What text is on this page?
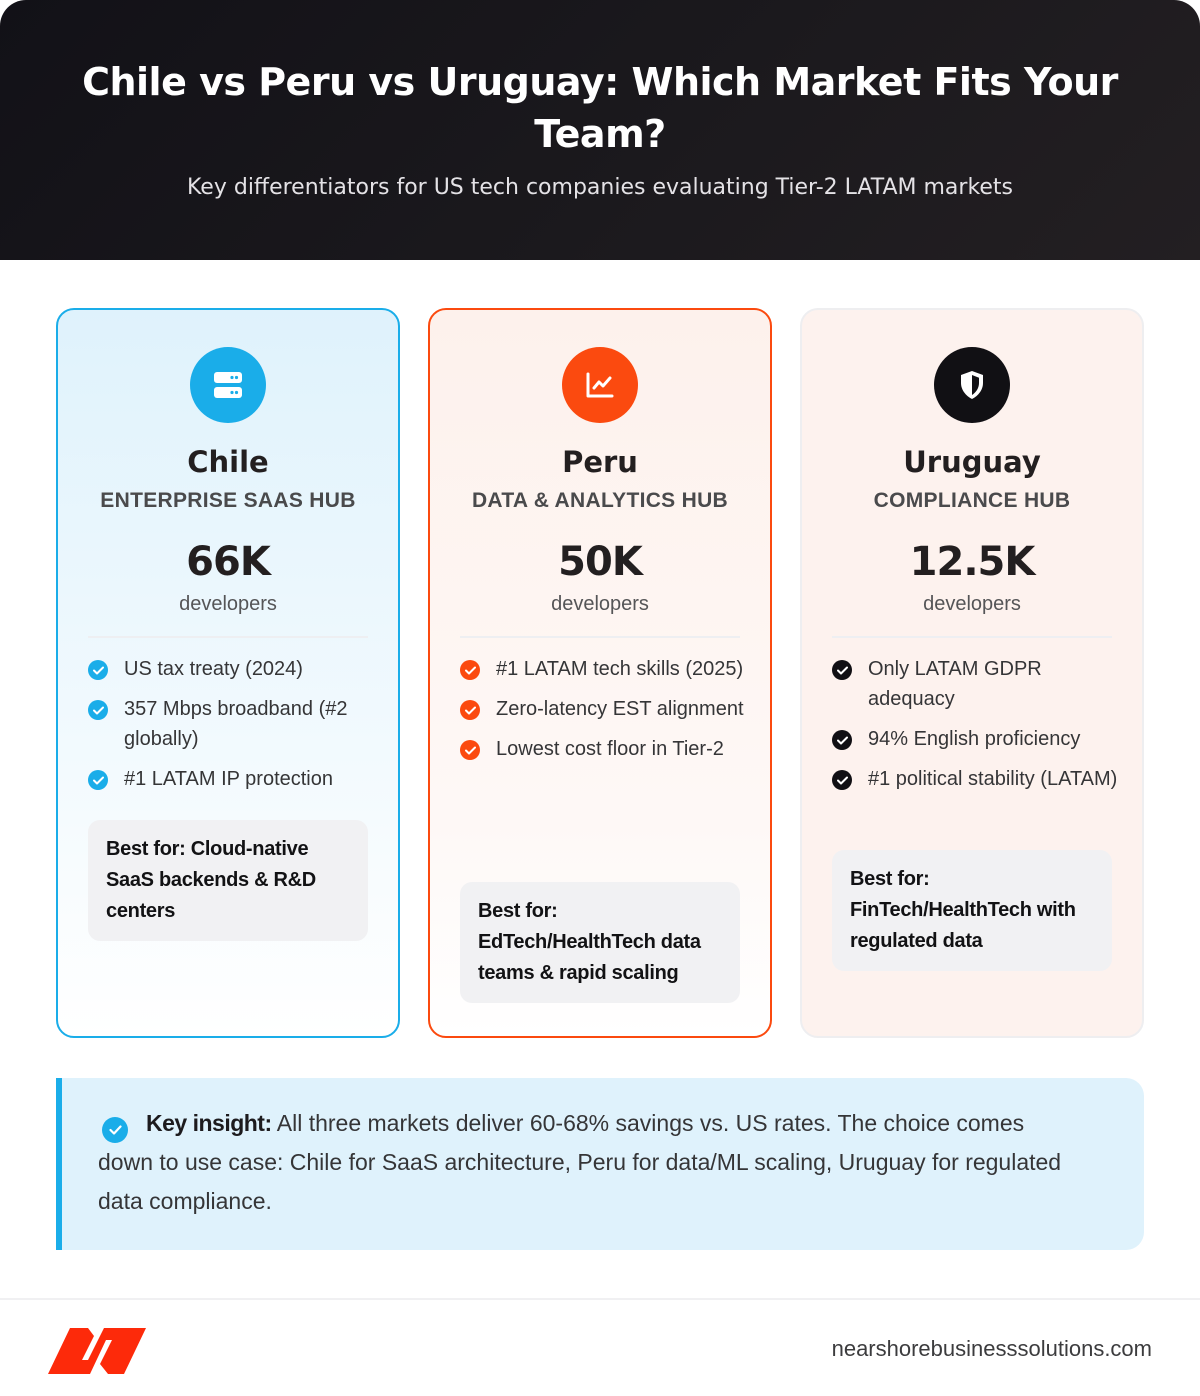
Chile vs Peru vs Uruguay: Which Market Fits Your Team?

Key differentiators for US tech companies evaluating Tier-2 LATAM markets

Chile
ENTERPRISE SAAS HUB
66K
developers
US tax treaty (2024)
357 Mbps broadband (#2 globally)
#1 LATAM IP protection
Best for: Cloud-native SaaS backends & R&D centers
Peru
DATA & ANALYTICS HUB
50K
developers
#1 LATAM tech skills (2025)
Zero-latency EST alignment
Lowest cost floor in Tier-2
Best for: EdTech/HealthTech data teams & rapid scaling
Uruguay
COMPLIANCE HUB
12.5K
developers
Only LATAM GDPR adequacy
94% English proficiency
#1 political stability (LATAM)
Best for: FinTech/HealthTech with regulated data
Key insight: All three markets deliver 60-68% savings vs. US rates. The choice comes down to use case: Chile for SaaS architecture, Peru for data/ML scaling, Uruguay for regulated data compliance.
nearshorebusinesssolutions.com
